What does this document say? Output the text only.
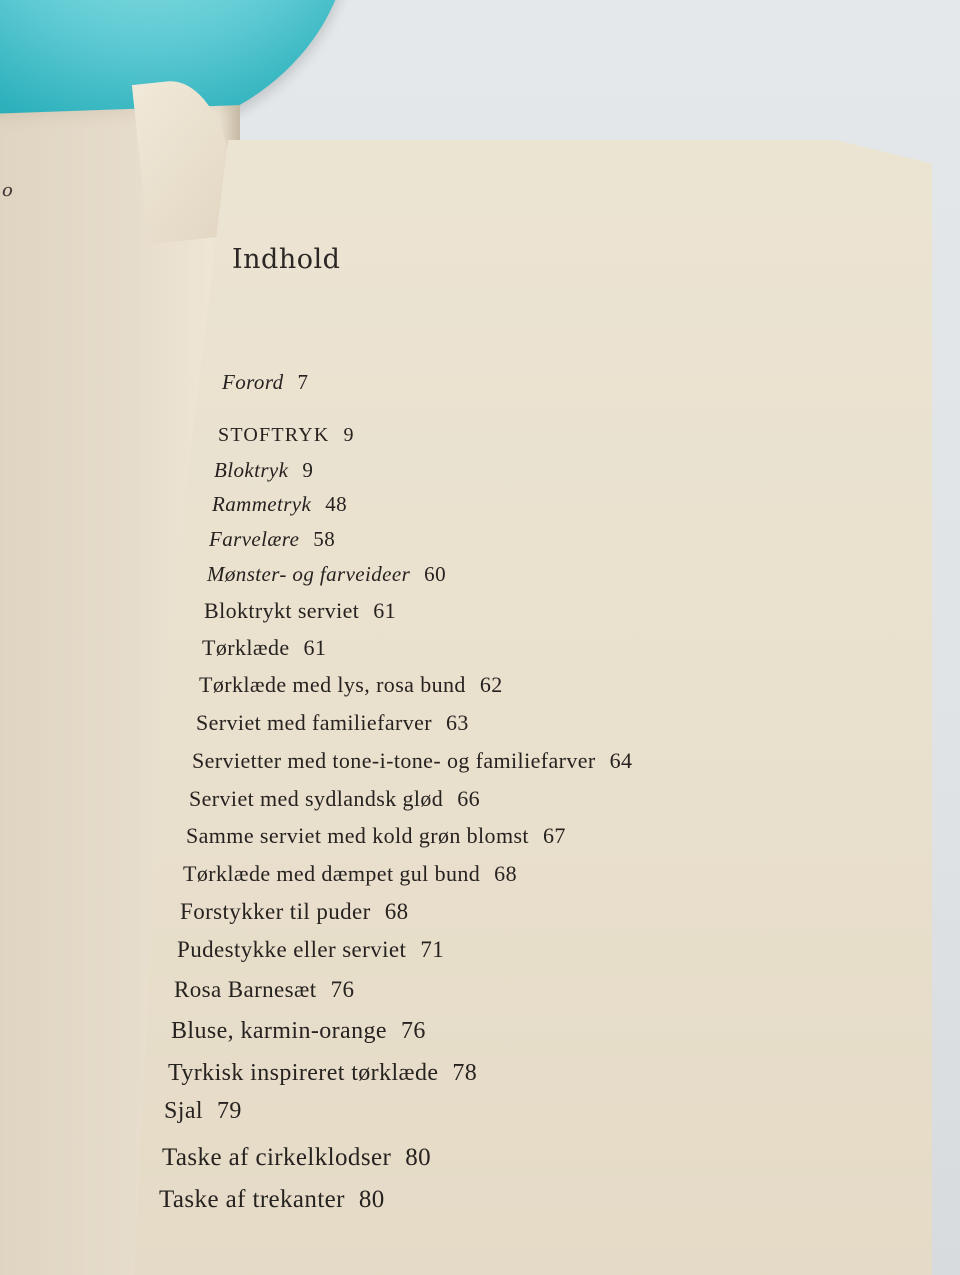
o
Indhold
Forord 7
STOFTRYK 9
Bloktryk 9
Rammetryk 48
Farvelære 58
Mønster- og farveideer 60
Bloktrykt serviet 61
Tørklæde 61
Tørklæde med lys, rosa bund 62
Serviet med familiefarver 63
Servietter med tone-i-tone- og familiefarver 64
Serviet med sydlandsk glød 66
Samme serviet med kold grøn blomst 67
Tørklæde med dæmpet gul bund 68
Forstykker til puder 68
Pudestykke eller serviet 71
Rosa Barnesæt 76
Bluse, karmin-orange 76
Tyrkisk inspireret tørklæde 78
Sjal 79
Taske af cirkelklodser 80
Taske af trekanter 80
